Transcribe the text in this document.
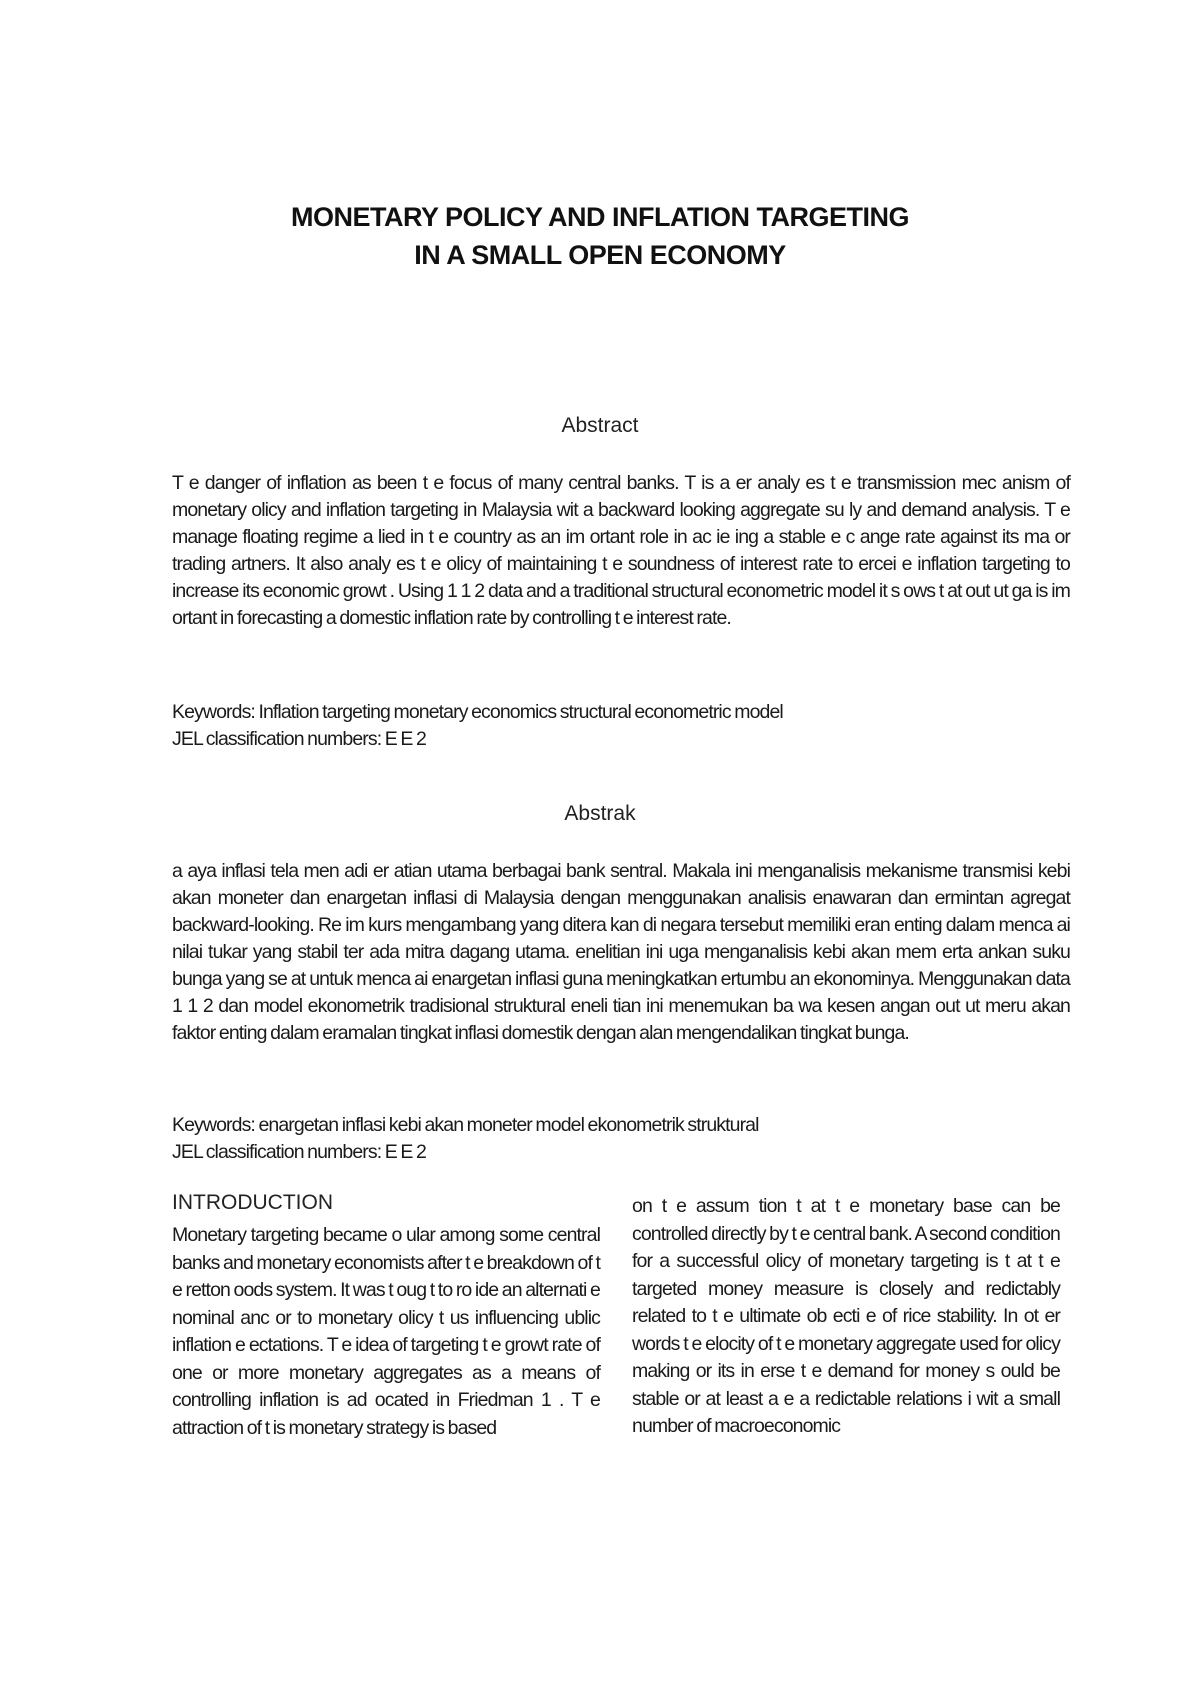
MONETARY POLICY AND INFLATION TARGETING
IN A SMALL OPEN ECONOMY
Abstract
T e danger of inflation as been t e focus of many central banks. T is a er analy es t e transmission mec anism of monetary olicy and inflation targeting in Malaysia wit a backward looking aggregate su ly and demand analysis. T e manage floating regime a lied in t e country as an im ortant role in ac ie ing a stable e c ange rate against its ma or trading artners. It also analy es t e olicy of maintaining t e soundness of interest rate to ercei e inflation targeting to increase its economic growt . Using 1 1 2 data and a traditional structural econometric model it s ows t at out ut ga is im ortant in forecasting a domestic inflation rate by controlling t e interest rate.
Keywords: Inflation targeting monetary economics structural econometric model
JEL classification numbers: E E 2
Abstrak
a aya inflasi tela men adi er atian utama berbagai bank sentral. Makala ini menganalisis mekanisme transmisi kebi akan moneter dan enargetan inflasi di Malaysia dengan menggunakan analisis enawaran dan ermintan agregat backward-looking. Re im kurs mengambang yang ditera kan di negara tersebut memiliki eran enting dalam menca ai nilai tukar yang stabil ter ada mitra dagang utama. enelitian ini uga menganalisis kebi akan mem erta ankan suku bunga yang se at untuk menca ai enargetan inflasi guna meningkatkan ertumbu an ekonominya. Menggunakan data 1 1 2 dan model ekonometrik tradisional struktural eneli tian ini menemukan ba wa kesen angan out ut meru akan faktor enting dalam eramalan tingkat inflasi domestik dengan alan mengendalikan tingkat bunga.
Keywords: enargetan inflasi kebi akan moneter model ekonometrik struktural
JEL classification numbers: E E 2
INTRODUCTION
Monetary targeting became o ular among some central banks and monetary economists after t e breakdown of t e retton oods system. It was t oug t to ro ide an alternati e nominal anc or to monetary olicy t us influencing ublic inflation e ectations. T e idea of targeting t e growt rate of one or more monetary aggregates as a means of controlling inflation is ad ocated in Friedman 1 . T e attraction of t is monetary strategy is based
on t e assum tion t at t e monetary base can be controlled directly by t e central bank. A second condition for a successful olicy of monetary targeting is t at t e targeted money measure is closely and redictably related to t e ultimate ob ecti e of rice stability. In ot er words t e elocity of t e monetary aggregate used for olicy making or its in erse t e demand for money s ould be stable or at least a e a redictable relations i wit a small number of macroeconomic
